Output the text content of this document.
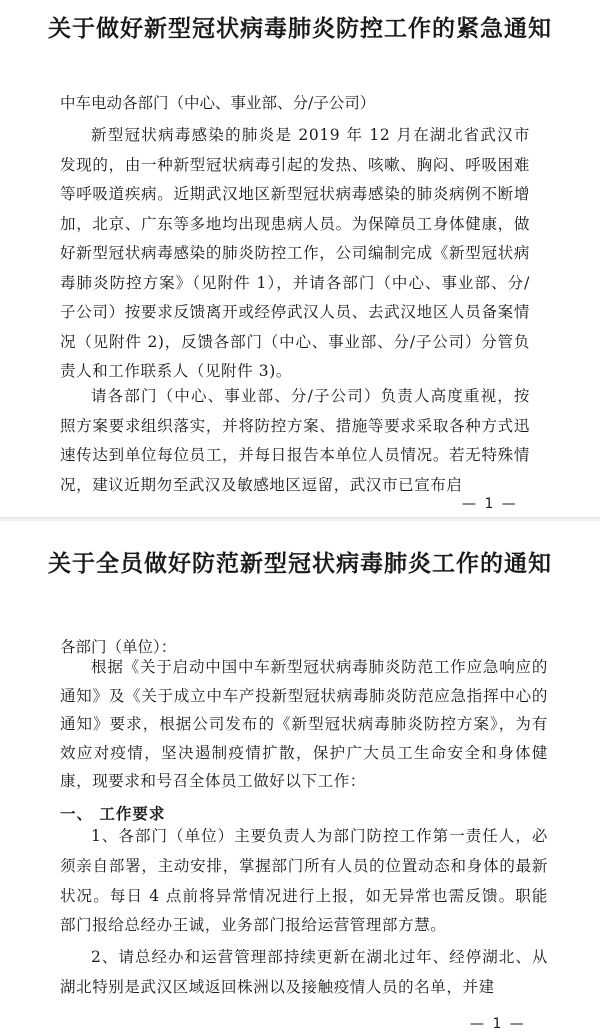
关于做好新型冠状病毒肺炎防控工作的紧急通知

中车电动各部门（中心、事业部、分/子公司）

新型冠状病毒感染的肺炎是 2019 年 12 月在湖北省武汉市发现的，由一种新型冠状病毒引起的发热、咳嗽、胸闷、呼吸困难等呼吸道疾病。近期武汉地区新型冠状病毒感染的肺炎病例不断增加，北京、广东等多地均出现患病人员。为保障员工身体健康，做好新型冠状病毒感染的肺炎防控工作，公司编制完成《新型冠状病毒肺炎防控方案》（见附件 1），并请各部门（中心、事业部、分/子公司）按要求反馈离开或经停武汉人员、去武汉地区人员备案情况（见附件 2)，反馈各部门（中心、事业部、分/子公司）分管负责人和工作联系人（见附件 3)。

请各部门（中心、事业部、分/子公司）负责人高度重视，按照方案要求组织落实，并将防控方案、措施等要求采取各种方式迅速传达到单位每位员工，并每日报告本单位人员情况。若无特殊情况，建议近期勿至武汉及敏感地区逗留，武汉市已宣布启

— 1 —

关于全员做好防范新型冠状病毒肺炎工作的通知

各部门（单位）：

根据《关于启动中国中车新型冠状病毒肺炎防范工作应急响应的通知》及《关于成立中车产投新型冠状病毒肺炎防范应急指挥中心的通知》要求，根据公司发布的《新型冠状病毒肺炎防控方案》，为有效应对疫情，坚决遏制疫情扩散，保护广大员工生命安全和身体健康，现要求和号召全体员工做好以下工作：

一、 工作要求

1、各部门（单位）主要负责人为部门防控工作第一责任人，必须亲自部署，主动安排，掌握部门所有人员的位置动态和身体的最新状况。每日 4 点前将异常情况进行上报，如无异常也需反馈。职能部门报给总经办王诚，业务部门报给运营管理部方慧。

2、请总经办和运营管理部持续更新在湖北过年、经停湖北、从湖北特别是武汉区域返回株洲以及接触疫情人员的名单，并建

— 1 —
